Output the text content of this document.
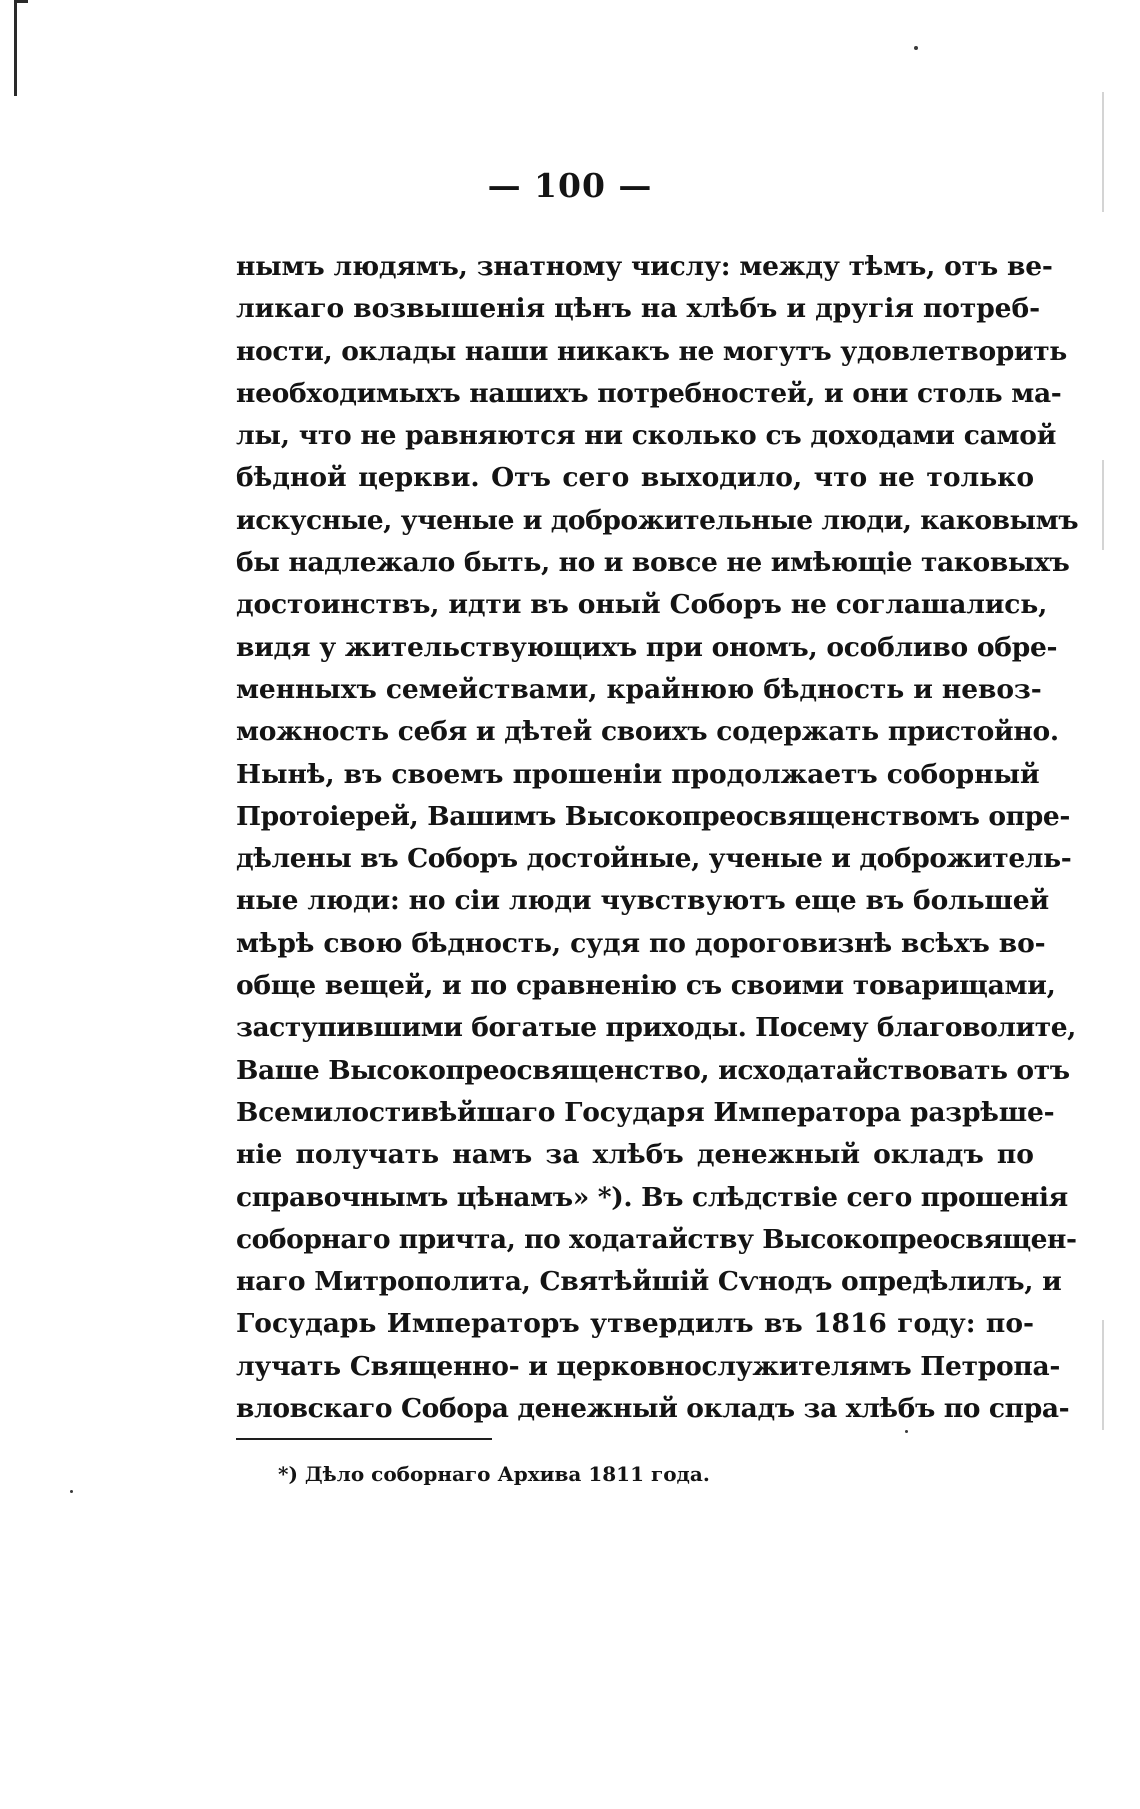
— 100 —
нымъ людямъ, знатному числу: между тѣмъ, отъ ве-
ликаго возвышенія цѣнъ на хлѣбъ и другія потреб-
ности, оклады наши никакъ не могутъ удовлетворить
необходимыхъ нашихъ потребностей, и они столь ма-
лы, что не равняются ни сколько съ доходами самой
бѣдной церкви. Отъ сего выходило, что не только
искусные, ученые и доброжительные люди, каковымъ
бы надлежало быть, но и вовсе не имѣющіе таковыхъ
достоинствъ, идти въ оный Соборъ не соглашались,
видя у жительствующихъ при ономъ, особливо обре-
менныхъ семействами, крайнюю бѣдность и невоз-
можность себя и дѣтей своихъ содержать пристойно.
Нынѣ, въ своемъ прошеніи продолжаетъ соборный
Протоіерей, Вашимъ Высокопреосвященствомъ опре-
дѣлены въ Соборъ достойные, ученые и доброжитель-
ные люди: но сіи люди чувствуютъ еще въ большей
мѣрѣ свою бѣдность, судя по дороговизнѣ всѣхъ во-
обще вещей, и по сравненію съ своими товарищами,
заступившими богатые приходы. Посему благоволите,
Ваше Высокопреосвященство, исходатайствовать отъ
Всемилостивѣйшаго Государя Императора разрѣше-
ніе получать намъ за хлѣбъ денежный окладъ по
справочнымъ цѣнамъ» *). Въ слѣдствіе сего прошенія
соборнаго причта, по ходатайству Высокопреосвящен-
наго Митрополита, Святѣйшій Сѵнодъ опредѣлилъ, и
Государь Императоръ утвердилъ въ 1816 году: по-
лучать Священно- и церковнослужителямъ Петропа-
вловскаго Собора денежный окладъ за хлѣбъ по спра-
*) Дѣло соборнаго Архива 1811 года.
